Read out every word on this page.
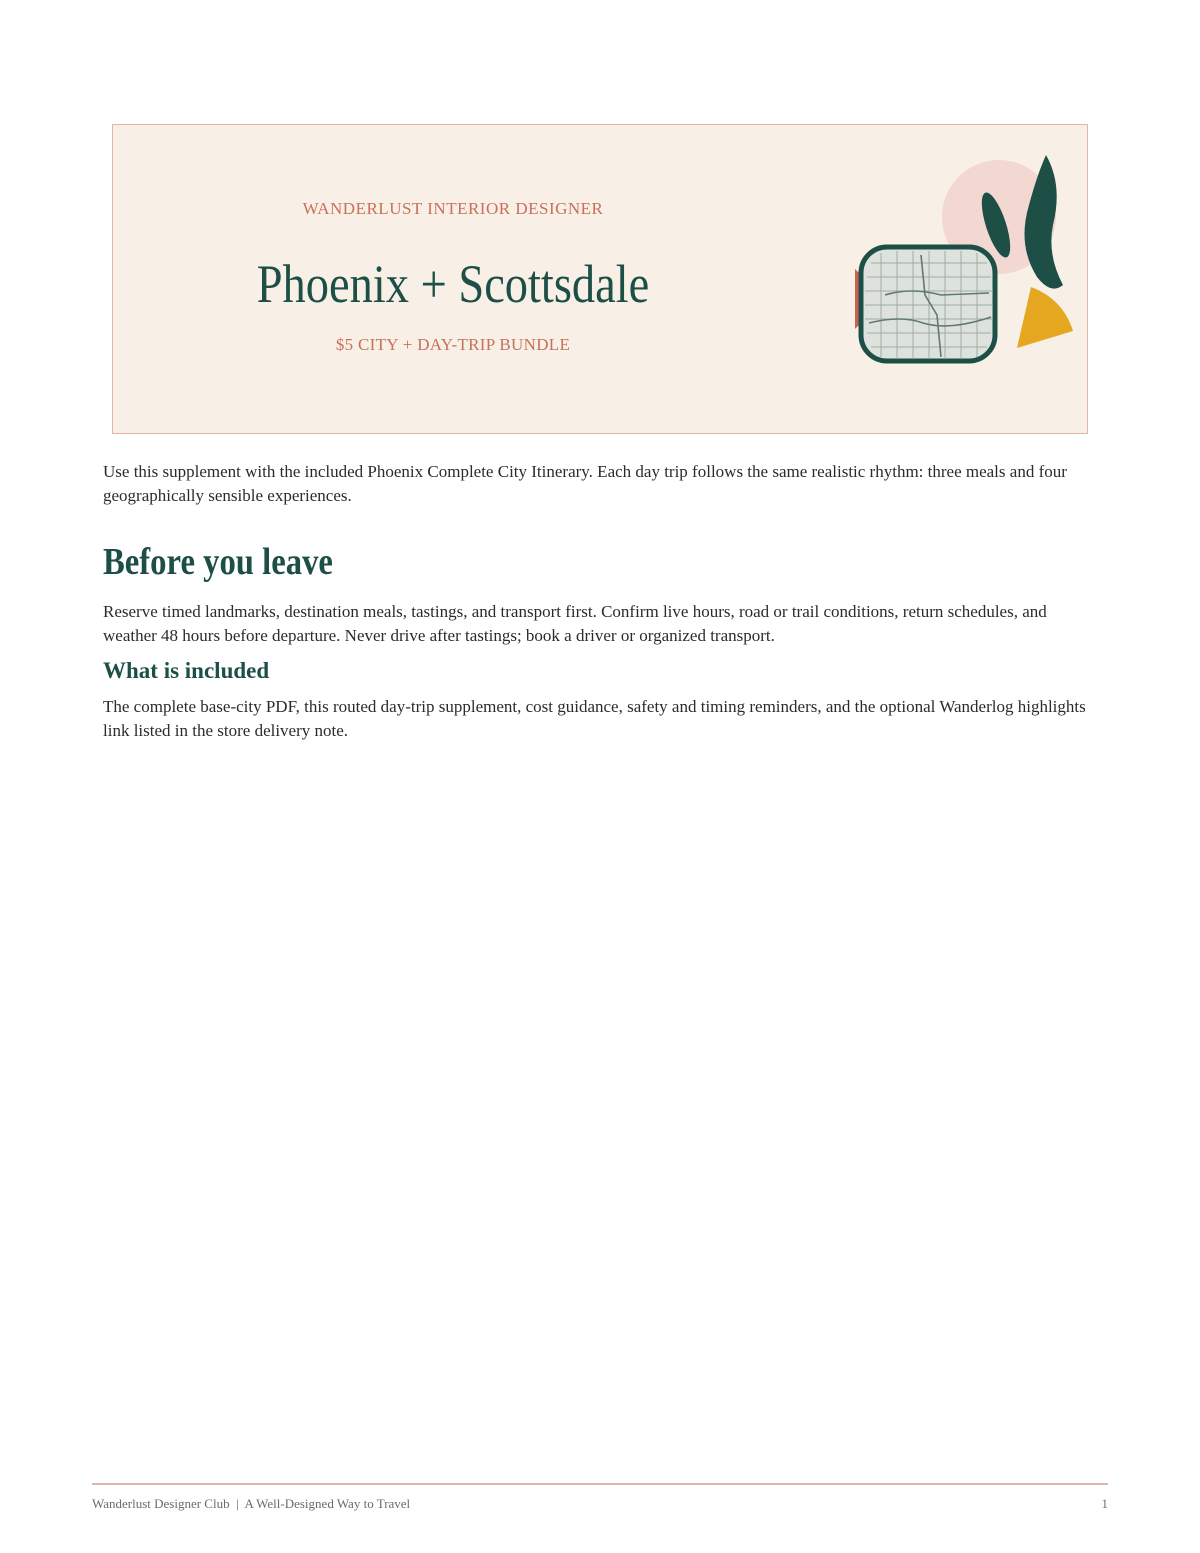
WANDERLUST INTERIOR DESIGNER
Phoenix + Scottsdale
$5 CITY + DAY-TRIP BUNDLE

Use this supplement with the included Phoenix Complete City Itinerary. Each day trip follows the same realistic rhythm: three meals and four geographically sensible experiences.

Before you leave

Reserve timed landmarks, destination meals, tastings, and transport first. Confirm live hours, road or trail conditions, return schedules, and weather 48 hours before departure. Never drive after tastings; book a driver or organized transport.

What is included

The complete base-city PDF, this routed day-trip supplement, cost guidance, safety and timing reminders, and the optional Wanderlog highlights link listed in the store delivery note.

Wanderlust Designer Club  |  A Well-Designed Way to Travel	1
